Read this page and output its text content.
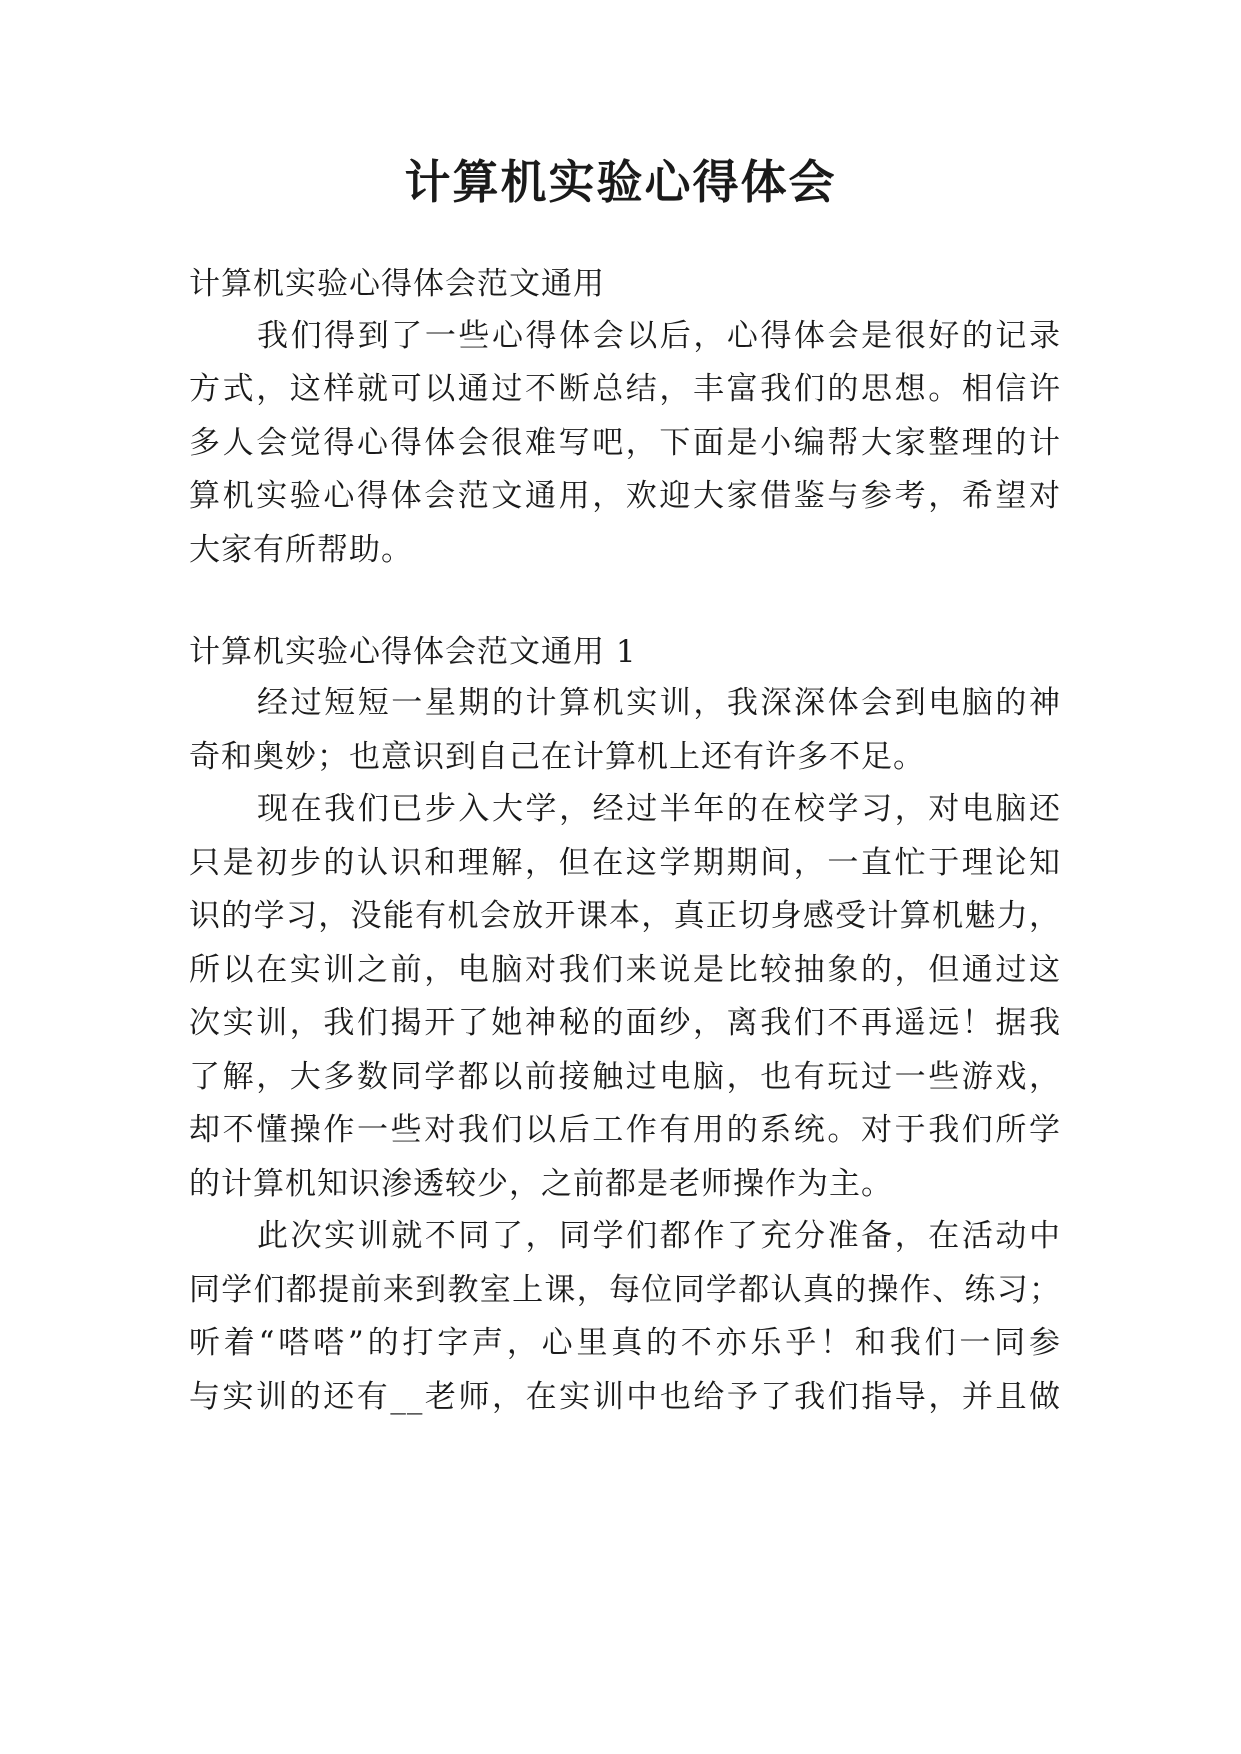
计算机实验心得体会
计算机实验心得体会范文通用
我们得到了一些心得体会以后，心得体会是很好的记录
方式，这样就可以通过不断总结，丰富我们的思想。相信许
多人会觉得心得体会很难写吧，下面是小编帮大家整理的计
算机实验心得体会范文通用，欢迎大家借鉴与参考，希望对
大家有所帮助。
计算机实验心得体会范文通用 1
经过短短一星期的计算机实训，我深深体会到电脑的神
奇和奥妙；也意识到自己在计算机上还有许多不足。
现在我们已步入大学，经过半年的在校学习，对电脑还
只是初步的认识和理解，但在这学期期间，一直忙于理论知
识的学习，没能有机会放开课本，真正切身感受计算机魅力，
所以在实训之前，电脑对我们来说是比较抽象的，但通过这
次实训，我们揭开了她神秘的面纱，离我们不再遥远！据我
了解，大多数同学都以前接触过电脑，也有玩过一些游戏，
却不懂操作一些对我们以后工作有用的系统。对于我们所学
的计算机知识渗透较少，之前都是老师操作为主。
此次实训就不同了，同学们都作了充分准备，在活动中
同学们都提前来到教室上课，每位同学都认真的操作、练习；
听着“嗒嗒”的打字声，心里真的不亦乐乎！和我们一同参
与实训的还有__老师，在实训中也给予了我们指导，并且做
